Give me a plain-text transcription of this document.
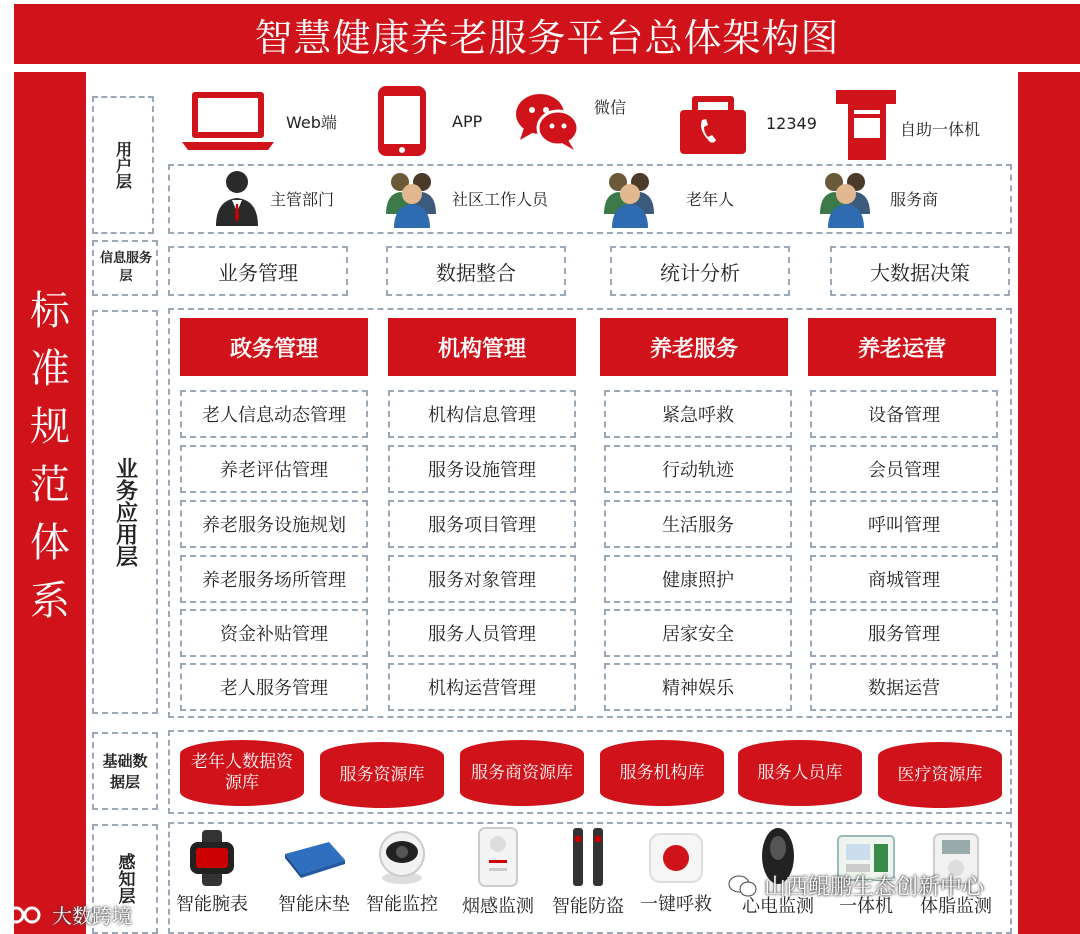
智慧健康养老服务平台总体架构图
标
准
规
范
体
系
用户层
Web端	APP
微信
12349	自助一体机
主管部门	社区工作人员	老年人	服务商
信息服务层	业务管理	数据整合	统计分析	大数据决策
业务应用层
政务管理
老人信息动态管理
养老评估管理
养老服务设施规划
养老服务场所管理
资金补贴管理
老人服务管理
机构管理
机构信息管理
服务设施管理
服务项目管理
服务对象管理
服务人员管理
机构运营管理
养老服务
紧急呼救
行动轨迹
生活服务
健康照护
居家安全
精神娱乐
养老运营
设备管理
会员管理
呼叫管理
商城管理
服务管理
数据运营
基础数据层
老年人数据资源库	服务资源库	服务商资源库	服务机构库	服务人员库	医疗资源库
感知层
智能腕表 智能床垫 智能监控 烟感监测 智能防盗 一键呼救 心电监测 一体机 体脂监测
大数跨境
山西鲲鹏生态创新中心
